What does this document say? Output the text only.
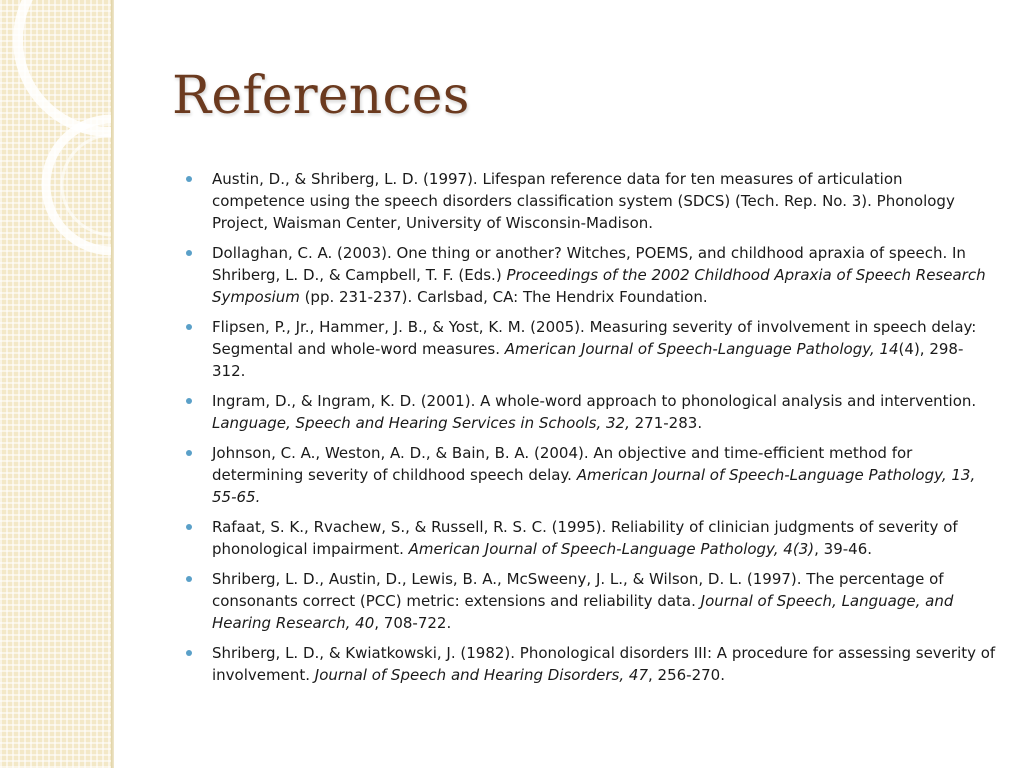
References
Austin, D., & Shriberg, L. D. (1997). Lifespan reference data for ten measures of articulation competence using the speech disorders classification system (SDCS) (Tech. Rep. No. 3). Phonology Project, Waisman Center, University of Wisconsin-Madison.
Dollaghan, C. A. (2003). One thing or another? Witches, POEMS, and childhood apraxia of speech. In Shriberg, L. D., & Campbell, T. F. (Eds.) Proceedings of the 2002 Childhood Apraxia of Speech Research Symposium (pp. 231-237). Carlsbad, CA: The Hendrix Foundation.
Flipsen, P., Jr., Hammer, J. B., & Yost, K. M. (2005). Measuring severity of involvement in speech delay: Segmental and whole-word measures. American Journal of Speech-Language Pathology, 14(4), 298-312.
Ingram, D., & Ingram, K. D. (2001). A whole-word approach to phonological analysis and intervention. Language, Speech and Hearing Services in Schools, 32, 271-283.
Johnson, C. A., Weston, A. D., & Bain, B. A. (2004). An objective and time-efficient method for determining severity of childhood speech delay. American Journal of Speech-Language Pathology, 13, 55-65.
Rafaat, S. K., Rvachew, S., & Russell, R. S. C. (1995). Reliability of clinician judgments of severity of phonological impairment. American Journal of Speech-Language Pathology, 4(3), 39-46.
Shriberg, L. D., Austin, D., Lewis, B. A., McSweeny, J. L., & Wilson, D. L. (1997). The percentage of consonants correct (PCC) metric: extensions and reliability data. Journal of Speech, Language, and Hearing Research, 40, 708-722.
Shriberg, L. D., & Kwiatkowski, J. (1982). Phonological disorders III: A procedure for assessing severity of involvement. Journal of Speech and Hearing Disorders, 47, 256-270.
